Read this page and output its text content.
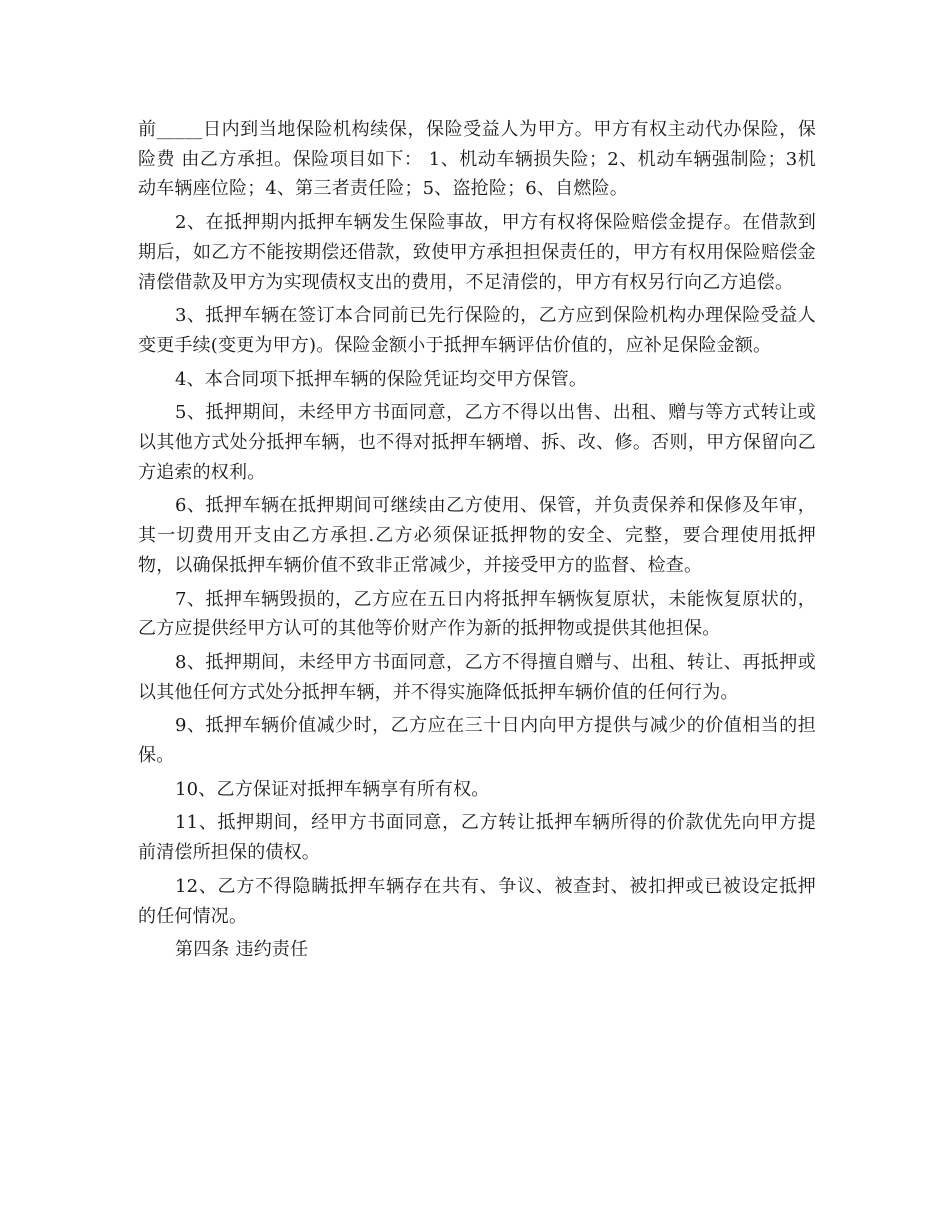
前_____日内到当地保险机构续保，保险受益人为甲方。甲方有权主动代办保险，保险费 由乙方承担。保险项目如下： 1、机动车辆损失险；2、机动车辆强制险；3机动车辆座位险；4、第三者责任险；5、盗抢险；6、自燃险。

2、在抵押期内抵押车辆发生保险事故，甲方有权将保险赔偿金提存。在借款到期后，如乙方不能按期偿还借款，致使甲方承担担保责任的，甲方有权用保险赔偿金清偿借款及甲方为实现债权支出的费用，不足清偿的，甲方有权另行向乙方追偿。

3、抵押车辆在签订本合同前已先行保险的，乙方应到保险机构办理保险受益人变更手续(变更为甲方)。保险金额小于抵押车辆评估价值的，应补足保险金额。

4、本合同项下抵押车辆的保险凭证均交甲方保管。

5、抵押期间，未经甲方书面同意，乙方不得以出售、出租、赠与等方式转让或以其他方式处分抵押车辆，也不得对抵押车辆增、拆、改、修。否则，甲方保留向乙方追索的权利。

6、抵押车辆在抵押期间可继续由乙方使用、保管，并负责保养和保修及年审，其一切费用开支由乙方承担.乙方必须保证抵押物的安全、完整，要合理使用抵押物，以确保抵押车辆价值不致非正常减少，并接受甲方的监督、检查。

7、抵押车辆毁损的，乙方应在五日内将抵押车辆恢复原状，未能恢复原状的，乙方应提供经甲方认可的其他等价财产作为新的抵押物或提供其他担保。

8、抵押期间，未经甲方书面同意，乙方不得擅自赠与、出租、转让、再抵押或以其他任何方式处分抵押车辆，并不得实施降低抵押车辆价值的任何行为。

9、抵押车辆价值减少时，乙方应在三十日内向甲方提供与减少的价值相当的担保。

10、乙方保证对抵押车辆享有所有权。

11、抵押期间，经甲方书面同意，乙方转让抵押车辆所得的价款优先向甲方提前清偿所担保的债权。

12、乙方不得隐瞒抵押车辆存在共有、争议、被查封、被扣押或已被设定抵押的任何情况。

第四条 违约责任
